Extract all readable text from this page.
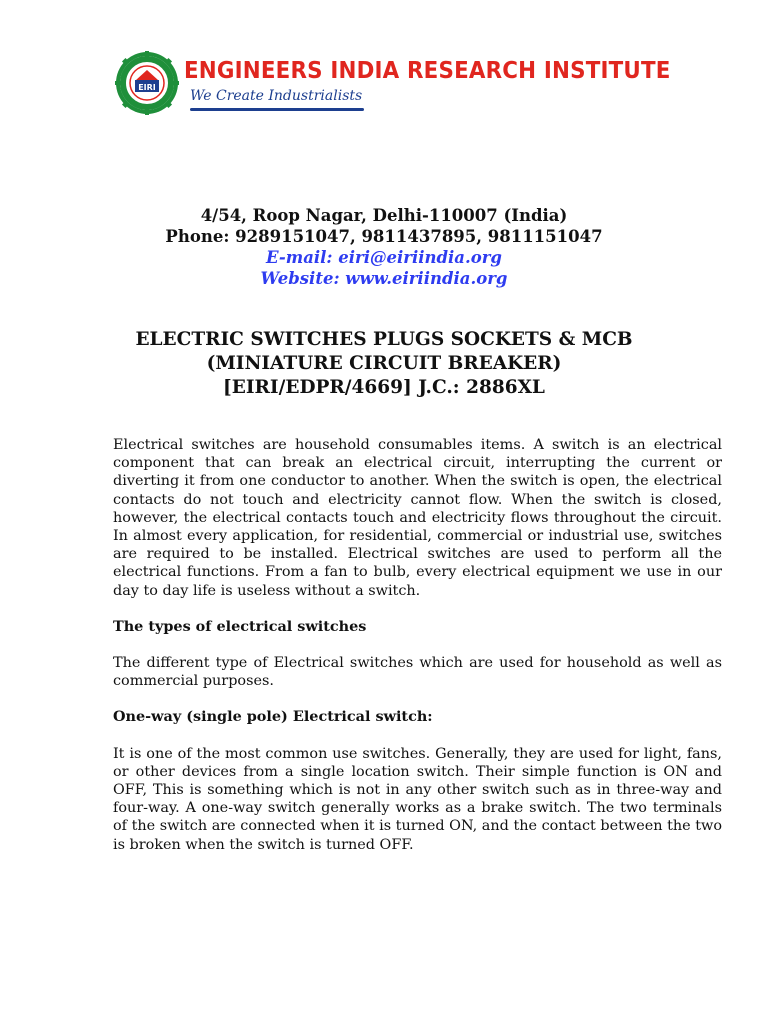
EIRI
ENGINEERS INDIA RESEARCH INSTITUTE
We Create Industrialists
4/54, Roop Nagar, Delhi-110007 (India)
Phone: 9289151047, 9811437895, 9811151047
E-mail: eiri@eiriindia.org
Website: www.eiriindia.org
ELECTRIC SWITCHES PLUGS SOCKETS & MCB
(MINIATURE CIRCUIT BREAKER)
[EIRI/EDPR/4669] J.C.: 2886XL

Electrical switches are household consumables items. A switch is an electrical component that can break an electrical circuit, interrupting the current or diverting it from one conductor to another. When the switch is open, the electrical contacts do not touch and electricity cannot flow. When the switch is closed, however, the electrical contacts touch and electricity flows throughout the circuit. In almost every application, for residential, commercial or industrial use, switches are required to be installed. Electrical switches are used to perform all the electrical functions. From a fan to bulb, every electrical equipment we use in our day to day life is useless without a switch.

The types of electrical switches

The different type of Electrical switches which are used for household as well as commercial purposes.

One-way (single pole) Electrical switch:

It is one of the most common use switches. Generally, they are used for light, fans, or other devices from a single location switch. Their simple function is ON and OFF, This is something which is not in any other switch such as in three-way and four-way. A one-way switch generally works as a brake switch. The two terminals of the switch are connected when it is turned ON, and the contact between the two is broken when the switch is turned OFF.
